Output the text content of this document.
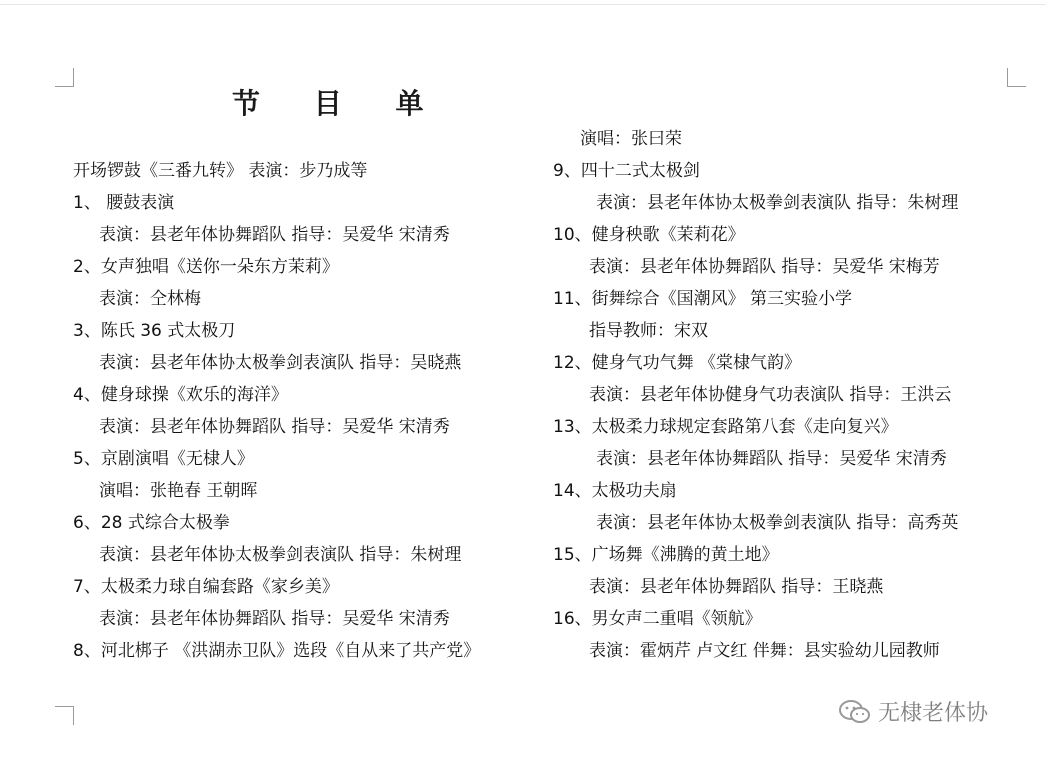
节 目 单
开场锣鼓《三番九转》 表演：步乃成等
1、 腰鼓表演
表演：县老年体协舞蹈队 指导：吴爱华 宋清秀
2、女声独唱《送你一朵东方茉莉》
表演：仝林梅
3、陈氏 36 式太极刀
表演：县老年体协太极拳剑表演队 指导：吴晓燕
4、健身球操《欢乐的海洋》
表演：县老年体协舞蹈队 指导：吴爱华 宋清秀
5、京剧演唱《无棣人》
演唱：张艳春 王朝晖
6、28 式综合太极拳
表演：县老年体协太极拳剑表演队 指导：朱树理
7、太极柔力球自编套路《家乡美》
表演：县老年体协舞蹈队 指导：吴爱华 宋清秀
8、河北梆子 《洪湖赤卫队》选段《自从来了共产党》
演唱：张曰荣
9、四十二式太极剑
表演：县老年体协太极拳剑表演队 指导：朱树理
10、健身秧歌《茉莉花》
表演：县老年体协舞蹈队 指导：吴爱华 宋梅芳
11、街舞综合《国潮风》 第三实验小学
指导教师：宋双
12、健身气功气舞 《棠棣气韵》
表演：县老年体协健身气功表演队 指导：王洪云
13、太极柔力球规定套路第八套《走向复兴》
表演：县老年体协舞蹈队 指导：吴爱华 宋清秀
14、太极功夫扇
表演：县老年体协太极拳剑表演队 指导：高秀英
15、广场舞《沸腾的黄土地》
表演：县老年体协舞蹈队 指导：王晓燕
16、男女声二重唱《领航》
表演：霍炳芹 卢文红 伴舞：县实验幼儿园教师
无棣老体协
